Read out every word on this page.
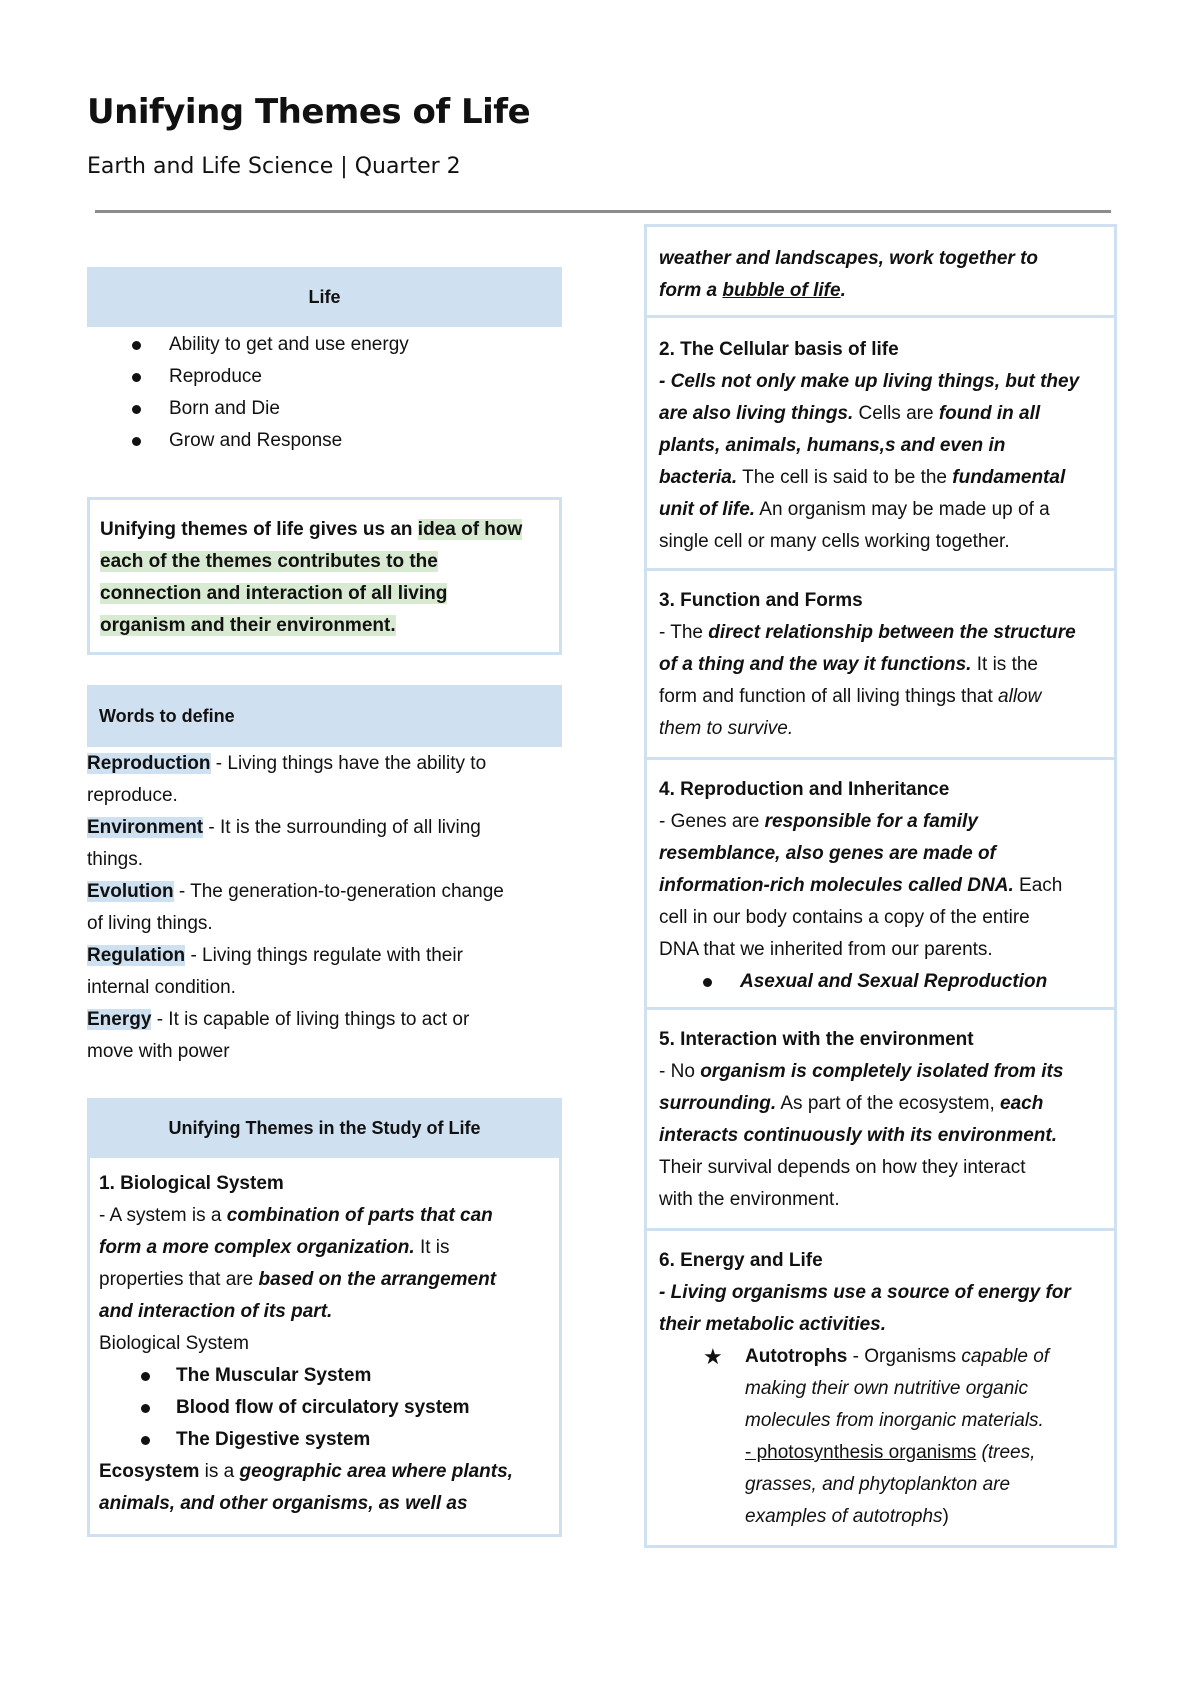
Unifying Themes of Life
Earth and Life Science | Quarter 2
Life
Ability to get and use energy
Reproduce
Born and Die
Grow and Response
Unifying themes of life gives us an idea of how
each of the themes contributes to the
connection and interaction of all living
organism and their environment.
Words to define
Reproduction - Living things have the ability to
reproduce.
Environment - It is the surrounding of all living
things.
Evolution - The generation-to-generation change
of living things.
Regulation - Living things regulate with their
internal condition.
Energy - It is capable of living things to act or
move with power
Unifying Themes in the Study of Life
1. Biological System
- A system is a combination of parts that can
form a more complex organization. It is
properties that are based on the arrangement
and interaction of its part.
Biological System
The Muscular System
Blood flow of circulatory system
The Digestive system
Ecosystem is a geographic area where plants,
animals, and other organisms, as well as
weather and landscapes, work together to
form a bubble of life.
2. The Cellular basis of life
- Cells not only make up living things, but they
are also living things. Cells are found in all
plants, animals, humans,s and even in
bacteria. The cell is said to be the fundamental
unit of life. An organism may be made up of a
single cell or many cells working together.
3. Function and Forms
- The direct relationship between the structure
of a thing and the way it functions. It is the
form and function of all living things that allow
them to survive.
4. Reproduction and Inheritance
- Genes are responsible for a family
resemblance, also genes are made of
information-rich molecules called DNA. Each
cell in our body contains a copy of the entire
DNA that we inherited from our parents.
Asexual and Sexual Reproduction
5. Interaction with the environment
- No organism is completely isolated from its
surrounding. As part of the ecosystem, each
interacts continuously with its environment.
Their survival depends on how they interact
with the environment.
6. Energy and Life
- Living organisms use a source of energy for
their metabolic activities.
★ Autotrophs - Organisms capable of
making their own nutritive organic
molecules from inorganic materials.
- photosynthesis organisms (trees,
grasses, and phytoplankton are
examples of autotrophs)
